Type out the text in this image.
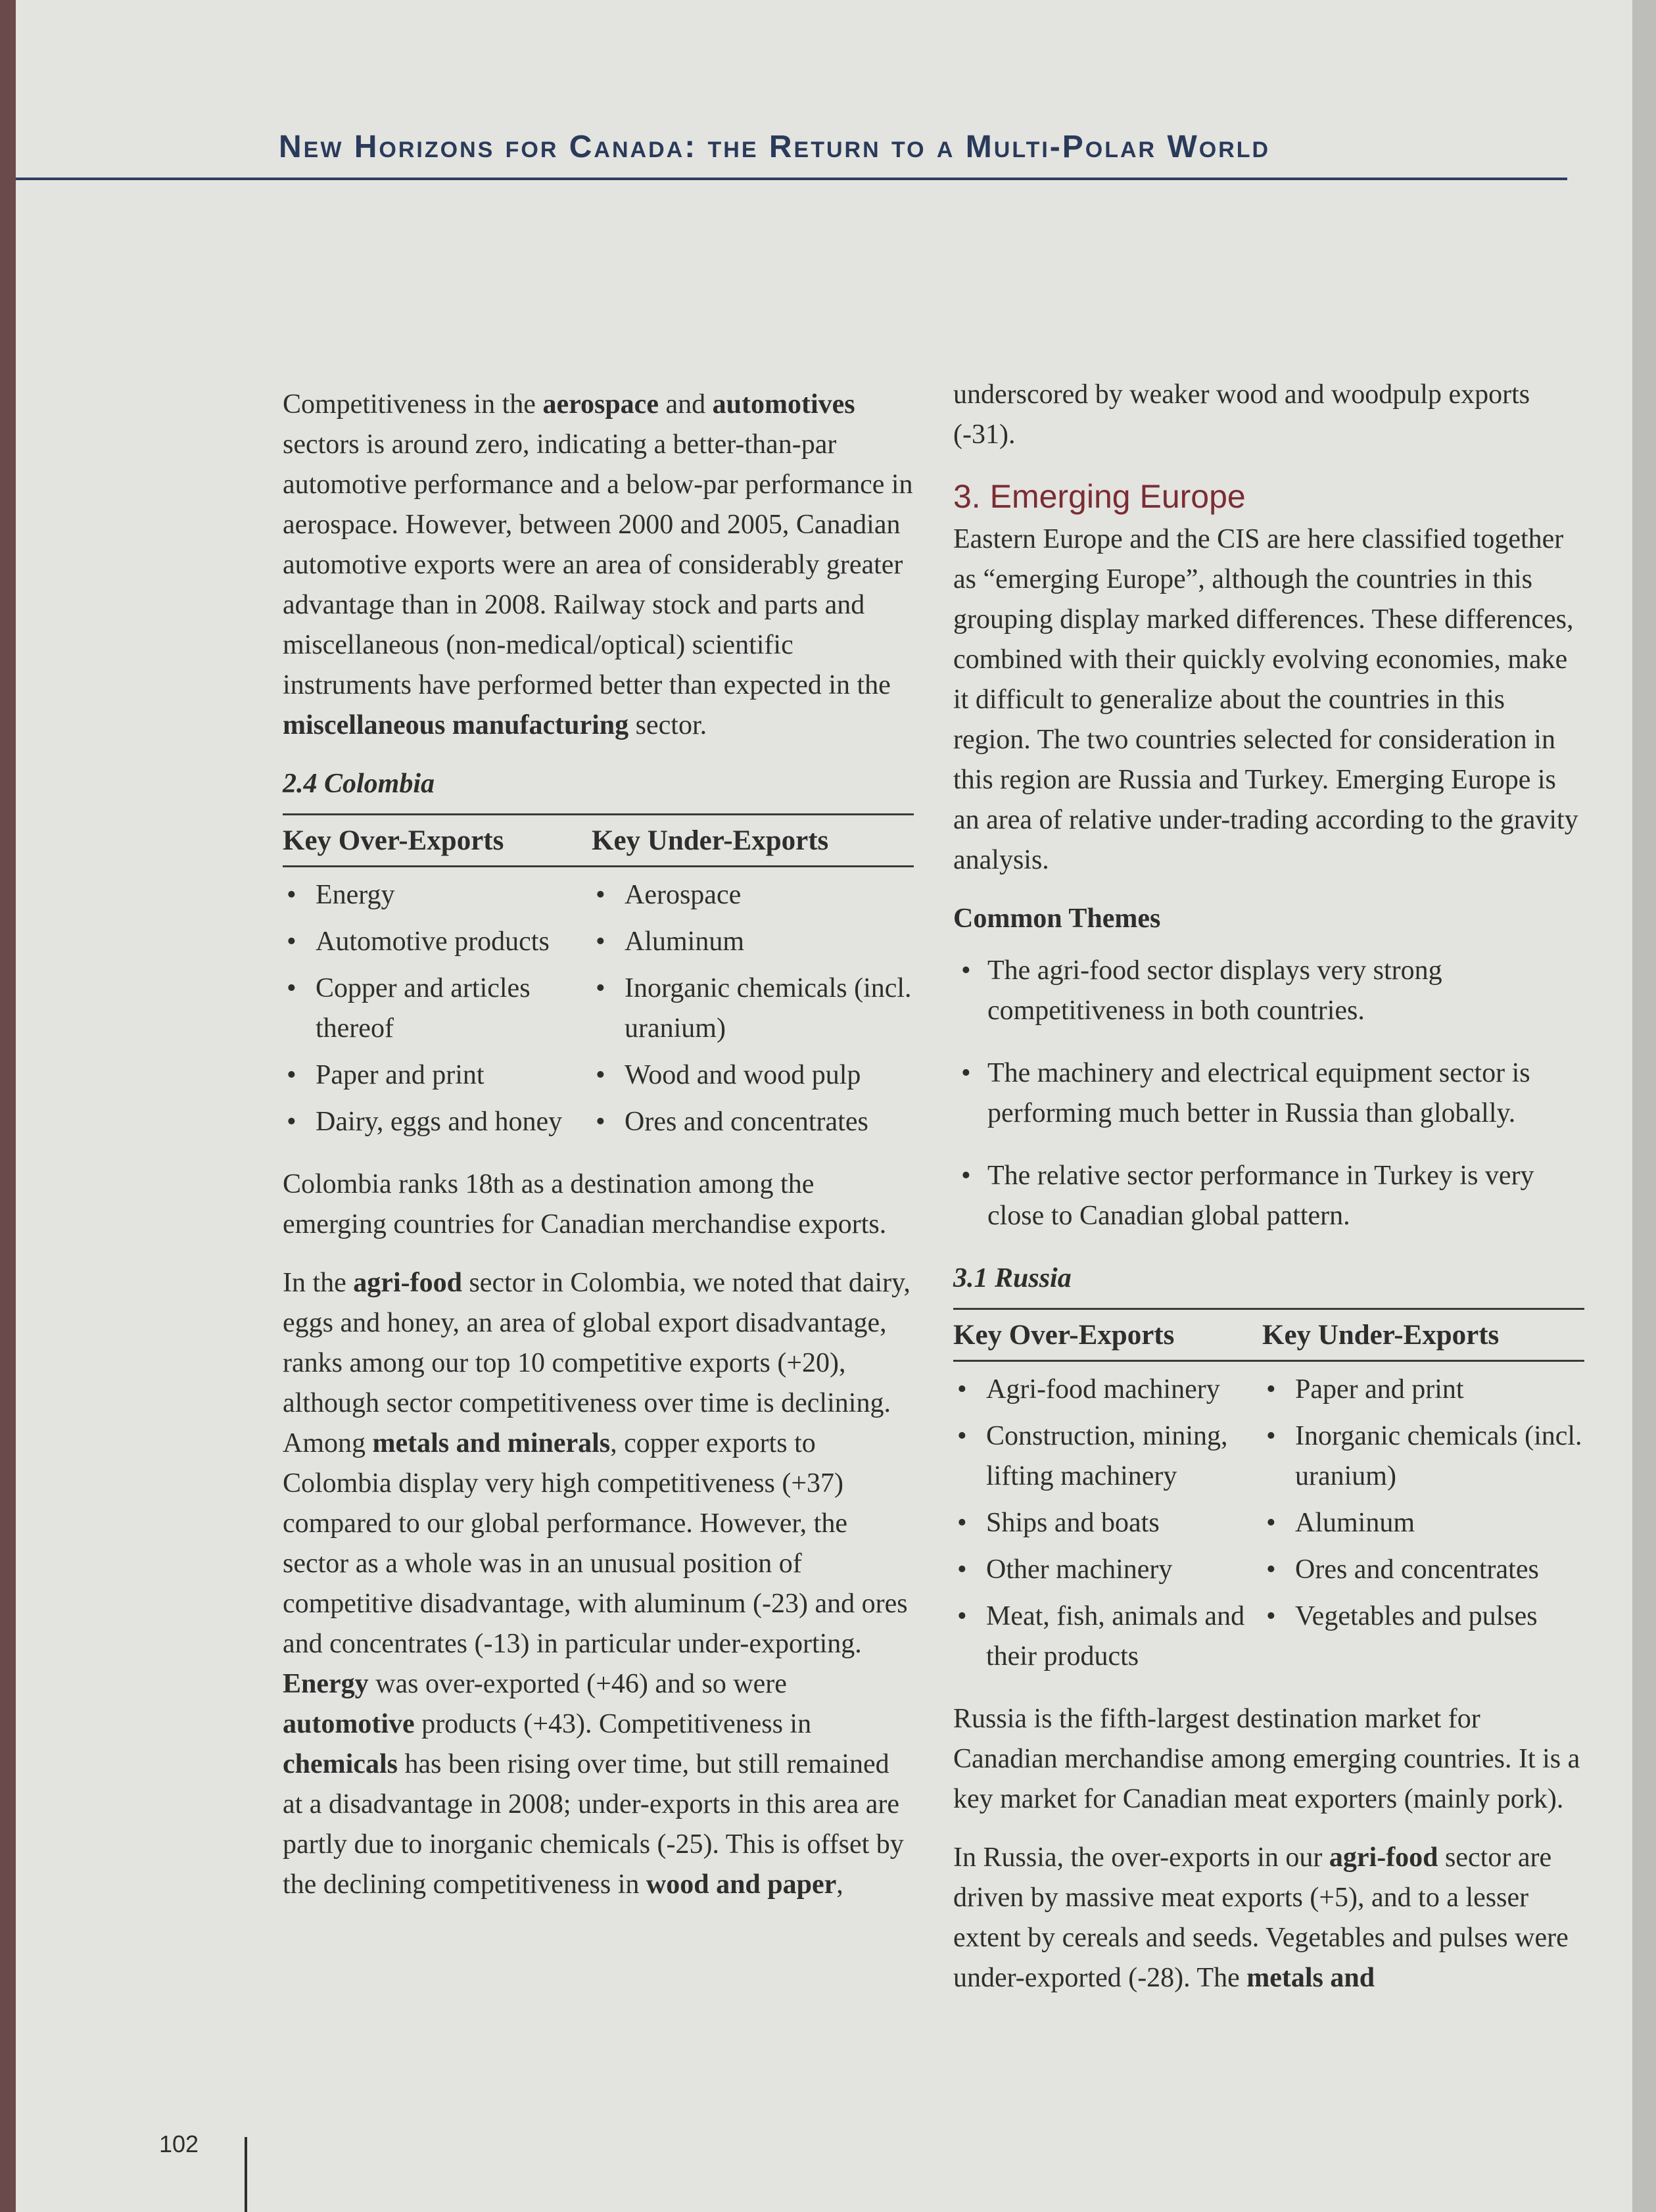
New Horizons for Canada: the Return to a Multi-Polar World

Competitiveness in the aerospace and automotives sectors is around zero, indicating a better-than-par automotive performance and a below-par performance in aerospace. However, between 2000 and 2005, Canadian automotive exports were an area of considerably greater advantage than in 2008. Railway stock and parts and miscellaneous (non-medical/optical) scientific instruments have performed better than expected in the miscellaneous manufacturing sector.

2.4 Colombia
Key Over-Exports	Key Under-Exports
• Energy
• Automotive products
• Copper and articles thereof
• Paper and print
• Dairy, eggs and honey
• Aerospace
• Aluminum
• Inorganic chemicals (incl. uranium)
• Wood and wood pulp
• Ores and concentrates

Colombia ranks 18th as a destination among the emerging countries for Canadian merchandise exports.

In the agri-food sector in Colombia, we noted that dairy, eggs and honey, an area of global export disadvantage, ranks among our top 10 competitive exports (+20), although sector competitiveness over time is declining. Among metals and minerals, copper exports to Colombia display very high competitiveness (+37) compared to our global performance. However, the sector as a whole was in an unusual position of competitive disadvantage, with aluminum (-23) and ores and concentrates (-13) in particular under-exporting. Energy was over-exported (+46) and so were automotive products (+43). Competitiveness in chemicals has been rising over time, but still remained at a disadvantage in 2008; under-exports in this area are partly due to inorganic chemicals (-25). This is offset by the declining competitiveness in wood and paper,

underscored by weaker wood and woodpulp exports (-31).

3. Emerging Europe

Eastern Europe and the CIS are here classified together as “emerging Europe”, although the countries in this grouping display marked differences. These differences, combined with their quickly evolving economies, make it difficult to generalize about the countries in this region. The two countries selected for consideration in this region are Russia and Turkey. Emerging Europe is an area of relative under-trading according to the gravity analysis.

Common Themes
• The agri-food sector displays very strong competitiveness in both countries.
• The machinery and electrical equipment sector is performing much better in Russia than globally.
• The relative sector performance in Turkey is very close to Canadian global pattern.
3.1 Russia
Key Over-Exports	Key Under-Exports
• Agri-food machinery
• Construction, mining, lifting machinery
• Ships and boats
• Other machinery
• Meat, fish, animals and their products
• Paper and print
• Inorganic chemicals (incl. uranium)
• Aluminum
• Ores and concentrates
• Vegetables and pulses

Russia is the fifth-largest destination market for Canadian merchandise among emerging countries. It is a key market for Canadian meat exporters (mainly pork).

In Russia, the over-exports in our agri-food sector are driven by massive meat exports (+5), and to a lesser extent by cereals and seeds. Vegetables and pulses were under-exported (-28). The metals and

102
